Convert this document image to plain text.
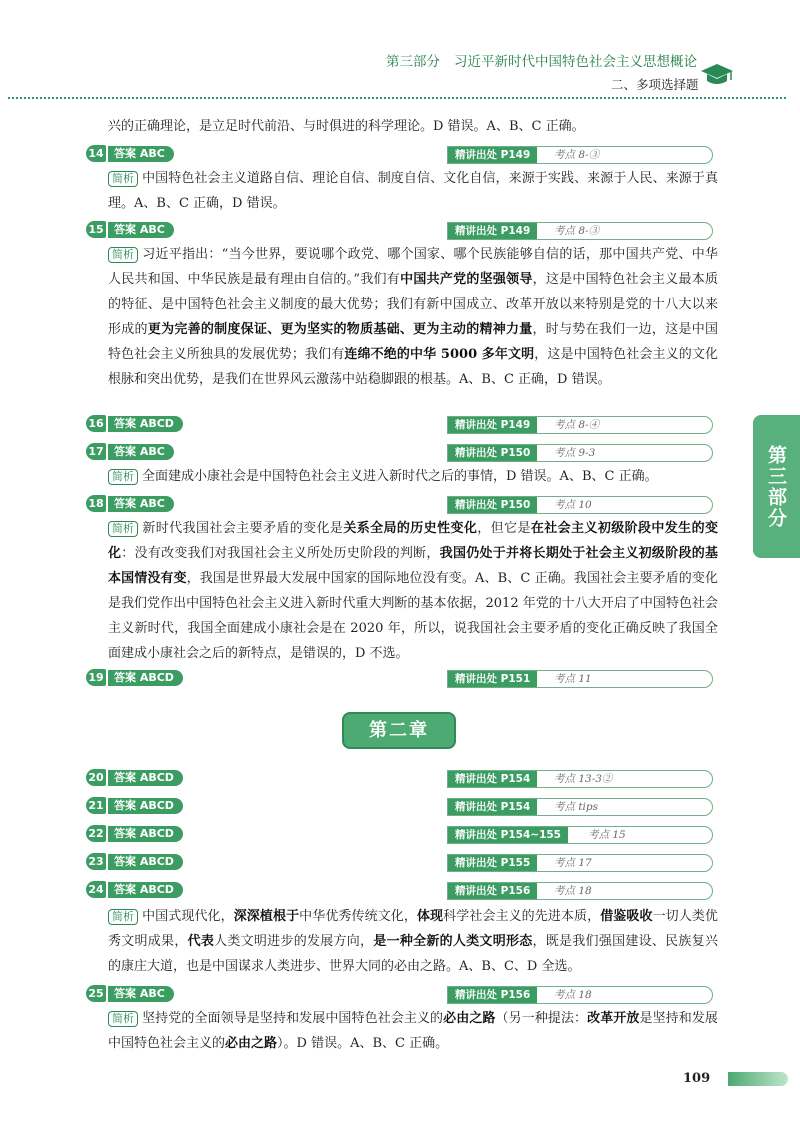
第三部分 习近平新时代中国特色社会主义思想概论
二、多项选择题
第三部分

兴的正确理论，是立足时代前沿、与时俱进的科学理论。D 错误。A、B、C 正确。

14 答案 ABC	精讲出处 P149	考点 8-③

简析 中国特色社会主义道路自信、理论自信、制度自信、文化自信，来源于实践、来源于人民、来源于真理。A、B、C 正确，D 错误。

15 答案 ABC	精讲出处 P149	考点 8-③

简析 习近平指出：“当今世界，要说哪个政党、哪个国家、哪个民族能够自信的话，那中国共产党、中华人民共和国、中华民族是最有理由自信的。”我们有中国共产党的坚强领导，这是中国特色社会主义最本质的特征、是中国特色社会主义制度的最大优势；我们有新中国成立、改革开放以来特别是党的十八大以来形成的更为完善的制度保证、更为坚实的物质基础、更为主动的精神力量，时与势在我们一边，这是中国特色社会主义所独具的发展优势；我们有连绵不绝的中华 5000 多年文明，这是中国特色社会主义的文化根脉和突出优势，是我们在世界风云激荡中站稳脚跟的根基。A、B、C 正确，D 错误。

16 答案 ABCD	精讲出处 P149	考点 8-④
17 答案 ABC	精讲出处 P150	考点 9-3

简析 全面建成小康社会是中国特色社会主义进入新时代之后的事情，D 错误。A、B、C 正确。

18 答案 ABC	精讲出处 P150	考点 10

简析 新时代我国社会主要矛盾的变化是关系全局的历史性变化，但它是在社会主义初级阶段中发生的变化：没有改变我们对我国社会主义所处历史阶段的判断，我国仍处于并将长期处于社会主义初级阶段的基本国情没有变，我国是世界最大发展中国家的国际地位没有变。A、B、C 正确。我国社会主要矛盾的变化是我们党作出中国特色社会主义进入新时代重大判断的基本依据，2012 年党的十八大开启了中国特色社会主义新时代，我国全面建成小康社会是在 2020 年，所以，说我国社会主要矛盾的变化正确反映了我国全面建成小康社会之后的新特点，是错误的，D 不选。

19 答案 ABCD	精讲出处 P151	考点 11
第二章
20 答案 ABCD	精讲出处 P154	考点 13-3②
21 答案 ABCD	精讲出处 P154	考点 tips
22 答案 ABCD	精讲出处 P154~155	考点 15
23 答案 ABCD	精讲出处 P155	考点 17
24 答案 ABCD	精讲出处 P156	考点 18

简析 中国式现代化，深深植根于中华优秀传统文化，体现科学社会主义的先进本质，借鉴吸收一切人类优秀文明成果，代表人类文明进步的发展方向，是一种全新的人类文明形态，既是我们强国建设、民族复兴的康庄大道，也是中国谋求人类进步、世界大同的必由之路。A、B、C、D 全选。

25 答案 ABC	精讲出处 P156	考点 18

简析 坚持党的全面领导是坚持和发展中国特色社会主义的必由之路（另一种提法：改革开放是坚持和发展中国特色社会主义的必由之路）。D 错误。A、B、C 正确。

109
